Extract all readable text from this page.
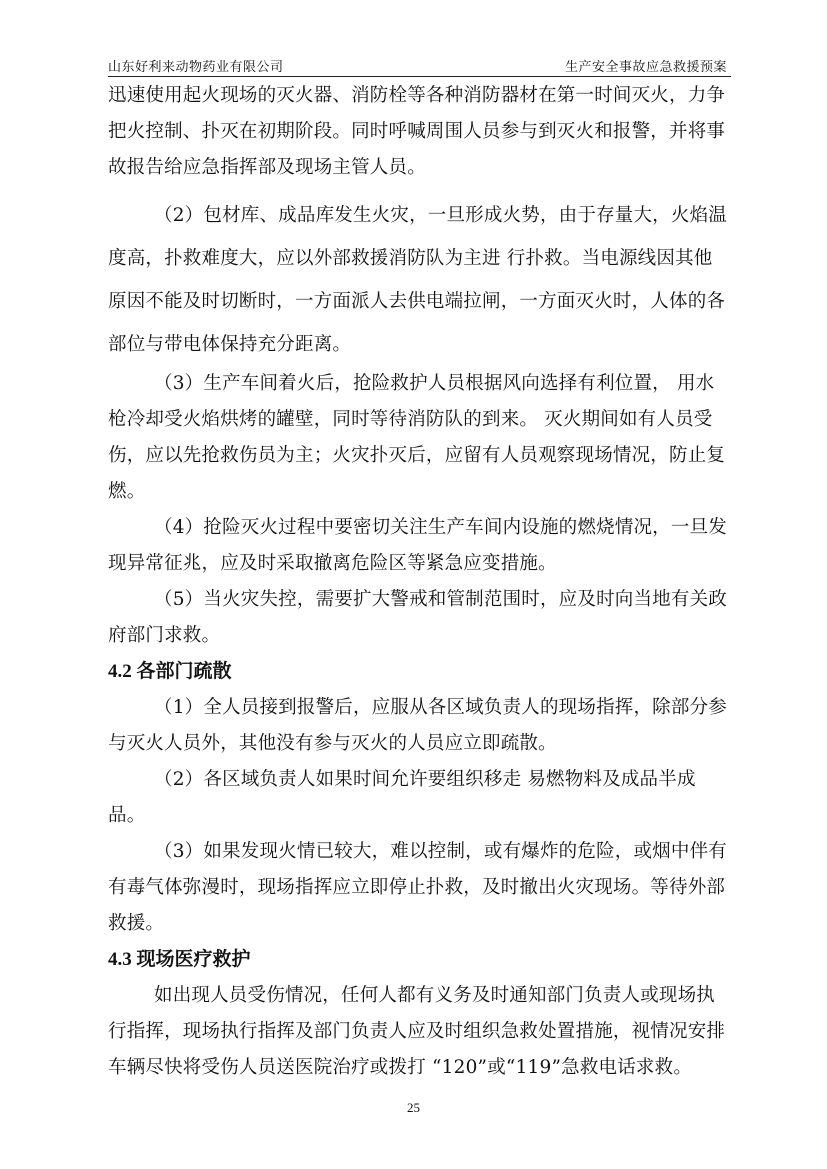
山东好利来动物药业有限公司	生产安全事故应急救援预案

迅速使用起火现场的灭火器、消防栓等各种消防器材在第一时间灭火，力争把火控制、扑灭在初期阶段。同时呼喊周围人员参与到灭火和报警，并将事故报告给应急指挥部及现场主管人员。

（2）包材库、成品库发生火灾，一旦形成火势，由于存量大，火焰温度高，扑救难度大，应以外部救援消防队为主进 行扑救。当电源线因其他原因不能及时切断时，一方面派人去供电端拉闸，一方面灭火时，人体的各部位与带电体保持充分距离。

（3）生产车间着火后，抢险救护人员根据风向选择有利位置， 用水枪冷却受火焰烘烤的罐壁，同时等待消防队的到来。 灭火期间如有人员受伤，应以先抢救伤员为主；火灾扑灭后，应留有人员观察现场情况，防止复燃。

（4）抢险灭火过程中要密切关注生产车间内设施的燃烧情况，一旦发现异常征兆，应及时采取撤离危险区等紧急应变措施。

（5）当火灾失控，需要扩大警戒和管制范围时，应及时向当地有关政府部门求救。

4.2 各部门疏散

（1）全人员接到报警后，应服从各区域负责人的现场指挥，除部分参与灭火人员外，其他没有参与灭火的人员应立即疏散。

（2）各区域负责人如果时间允许要组织移走 易燃物料及成品半成品。

（3）如果发现火情已较大，难以控制，或有爆炸的危险，或烟中伴有有毒气体弥漫时，现场指挥应立即停止扑救，及时撤出火灾现场。等待外部救援。

4.3 现场医疗救护

如出现人员受伤情况，任何人都有义务及时通知部门负责人或现场执行指挥，现场执行指挥及部门负责人应及时组织急救处置措施，视情况安排车辆尽快将受伤人员送医院治疗或拨打 “120”或“119”急救电话求救。

25
